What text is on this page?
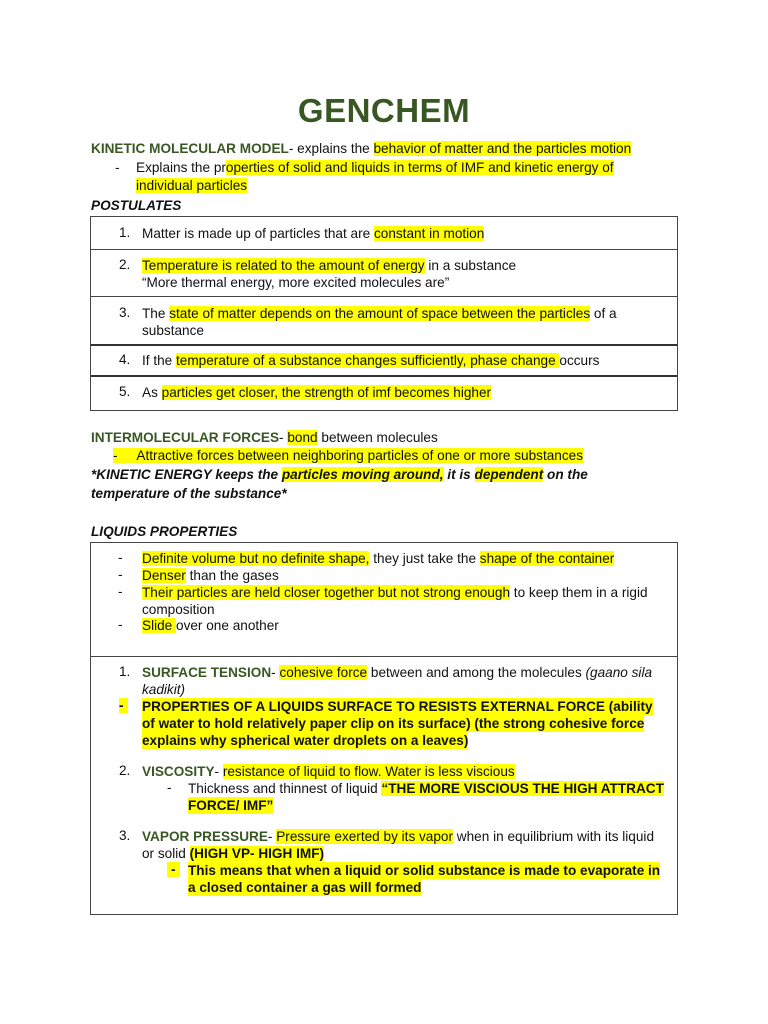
GENCHEM
KINETIC MOLECULAR MODEL- explains the behavior of matter and the particles motion
- Explains the properties of solid and liquids in terms of IMF and kinetic energy of
individual particles
POSTULATES
1. Matter is made up of particles that are constant in motion
2. Temperature is related to the amount of energy in a substance
“More thermal energy, more excited molecules are”
3. The state of matter depends on the amount of space between the particles of a
substance
4. If the temperature of a substance changes sufficiently, phase change occurs
5. As particles get closer, the strength of imf becomes higher
INTERMOLECULAR FORCES- bond between molecules
- Attractive forces between neighboring particles of one or more substances
*KINETIC ENERGY keeps the particles moving around, it is dependent on the
temperature of the substance*
LIQUIDS PROPERTIES
- Definite volume but no definite shape, they just take the shape of the container
- Denser than the gases
- Their particles are held closer together but not strong enough to keep them in a rigid
composition
- Slide over one another
1. SURFACE TENSION- cohesive force between and among the molecules (gaano sila
kadikit)
- PROPERTIES OF A LIQUIDS SURFACE TO RESISTS EXTERNAL FORCE (ability
of water to hold relatively paper clip on its surface) (the strong cohesive force
explains why spherical water droplets on a leaves)
2. VISCOSITY- resistance of liquid to flow. Water is less viscious
- Thickness and thinnest of liquid “THE MORE VISCIOUS THE HIGH ATTRACT
FORCE/ IMF”
3. VAPOR PRESSURE- Pressure exerted by its vapor when in equilibrium with its liquid
or solid (HIGH VP- HIGH IMF)
- This means that when a liquid or solid substance is made to evaporate in
a closed container a gas will formed
